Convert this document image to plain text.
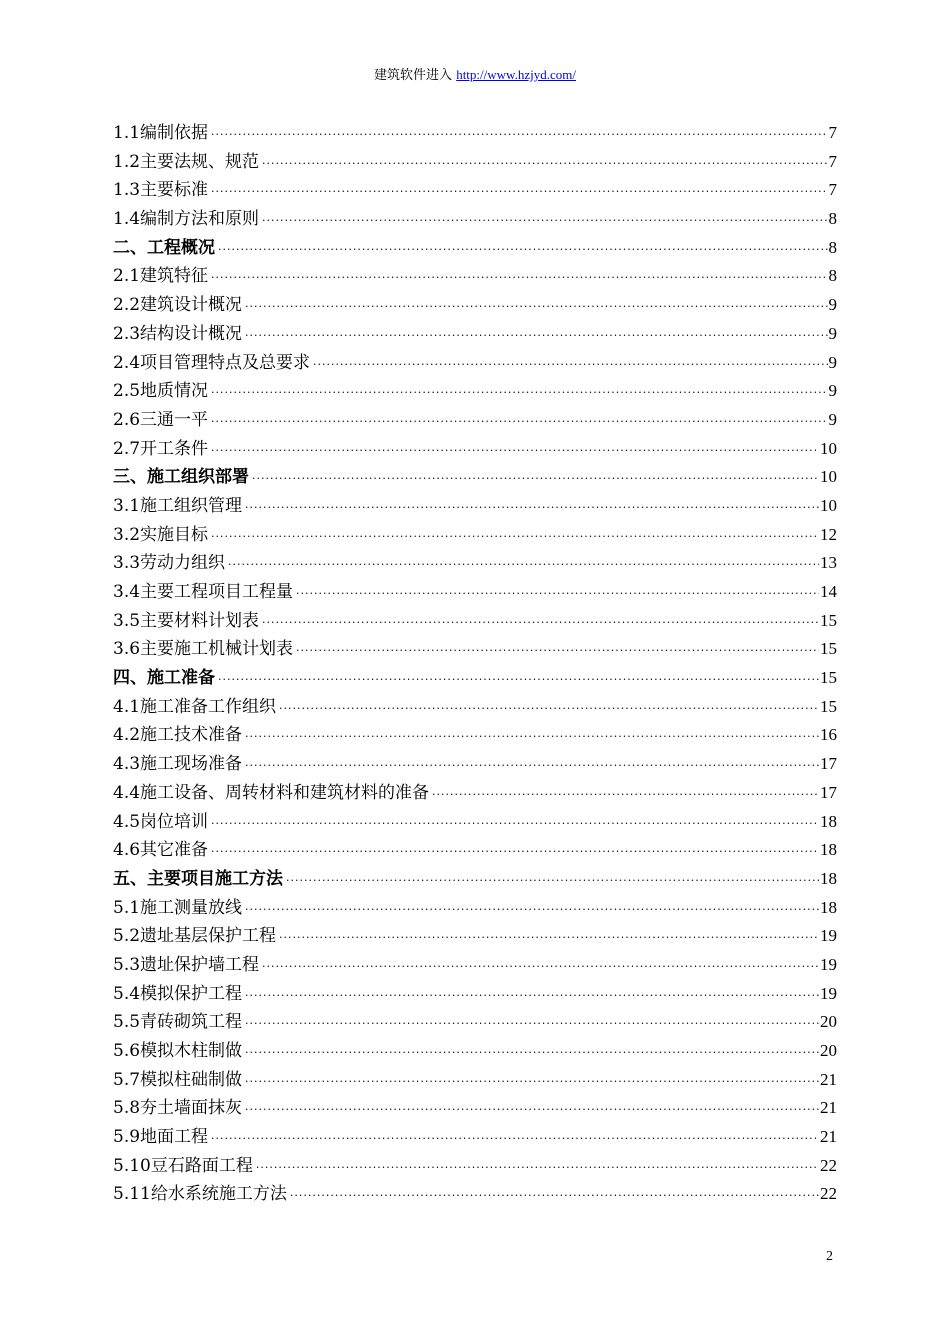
建筑软件进入 http://www.hzjyd.com/
1.1编制依据 ·····	7
1.2主要法规、规范 ·····	7
1.3主要标准 ·····	7
1.4编制方法和原则 ·····	8
二、工程概况 ·····	8
2.1建筑特征 ·····	8
2.2建筑设计概况 ·····	9
2.3结构设计概况 ·····	9
2.4项目管理特点及总要求 ·····	9
2.5地质情况 ·····	9
2.6三通一平 ·····	9
2.7开工条件 ·····	10
三、施工组织部署 ·····	10
3.1施工组织管理 ·····	10
3.2实施目标 ·····	12
3.3劳动力组织 ·····	13
3.4主要工程项目工程量 ·····	14
3.5主要材料计划表 ·····	15
3.6主要施工机械计划表 ·····	15
四、施工准备 ·····	15
4.1施工准备工作组织 ·····	15
4.2施工技术准备 ·····	16
4.3施工现场准备 ·····	17
4.4施工设备、周转材料和建筑材料的准备 ·····	17
4.5岗位培训 ·····	18
4.6其它准备 ·····	18
五、主要项目施工方法 ·····	18
5.1施工测量放线 ·····	18
5.2遗址基层保护工程 ·····	19
5.3遗址保护墙工程 ·····	19
5.4模拟保护工程 ·····	19
5.5青砖砌筑工程 ·····	20
5.6模拟木柱制做 ·····	20
5.7模拟柱础制做 ·····	21
5.8夯土墙面抹灰 ·····	21
5.9地面工程 ·····	21
5.10豆石路面工程 ·····	22
5.11给水系统施工方法 ·····	22
2
